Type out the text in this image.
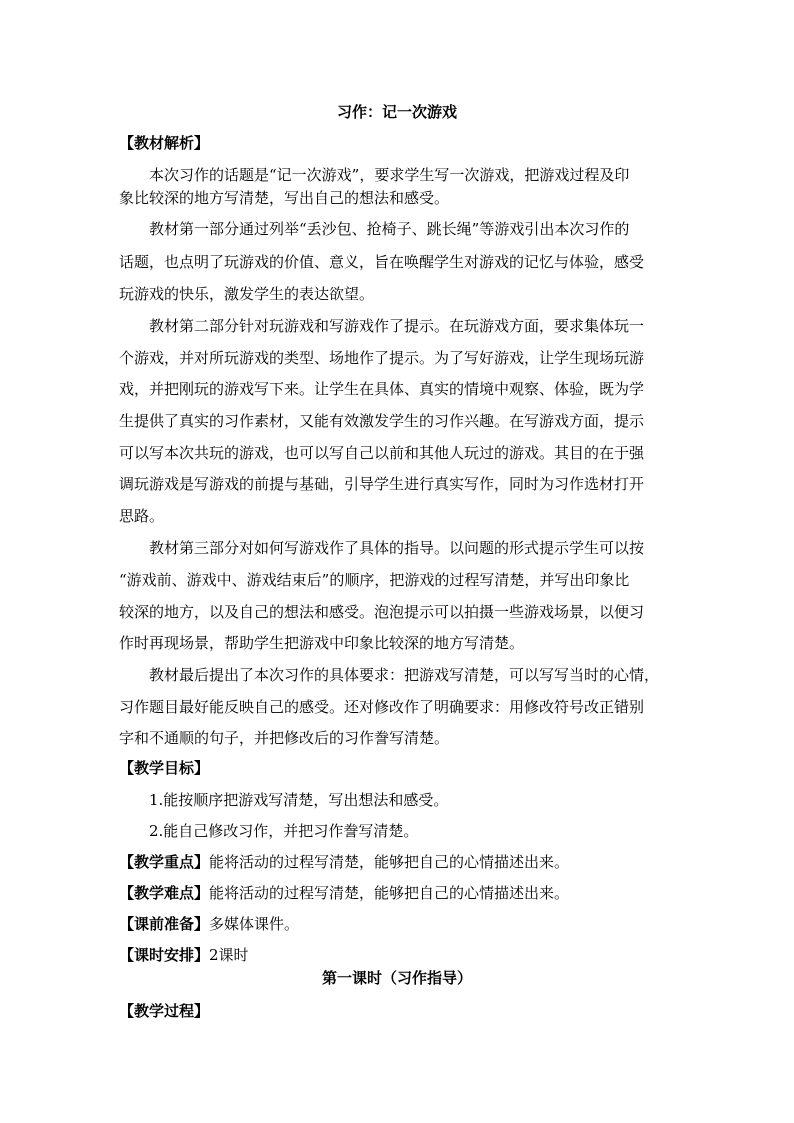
习作：记一次游戏
【教材解析】
本次习作的话题是“记一次游戏”，要求学生写一次游戏，把游戏过程及印
象比较深的地方写清楚，写出自己的想法和感受。
教材第一部分通过列举“丢沙包、抢椅子、跳长绳”等游戏引出本次习作的
话题，也点明了玩游戏的价值、意义，旨在唤醒学生对游戏的记忆与体验，感受
玩游戏的快乐，激发学生的表达欲望。
教材第二部分针对玩游戏和写游戏作了提示。在玩游戏方面，要求集体玩一
个游戏，并对所玩游戏的类型、场地作了提示。为了写好游戏，让学生现场玩游
戏，并把刚玩的游戏写下来。让学生在具体、真实的情境中观察、体验，既为学
生提供了真实的习作素材，又能有效激发学生的习作兴趣。在写游戏方面，提示
可以写本次共玩的游戏，也可以写自己以前和其他人玩过的游戏。其目的在于强
调玩游戏是写游戏的前提与基础，引导学生进行真实写作，同时为习作选材打开
思路。
教材第三部分对如何写游戏作了具体的指导。以问题的形式提示学生可以按
“游戏前、游戏中、游戏结束后”的顺序，把游戏的过程写清楚，并写出印象比
较深的地方，以及自己的想法和感受。泡泡提示可以拍摄一些游戏场景，以便习
作时再现场景，帮助学生把游戏中印象比较深的地方写清楚。
教材最后提出了本次习作的具体要求：把游戏写清楚，可以写写当时的心情，
习作题目最好能反映自己的感受。还对修改作了明确要求：用修改符号改正错别
字和不通顺的句子，并把修改后的习作誊写清楚。
【教学目标】
1.能按顺序把游戏写清楚，写出想法和感受。
2.能自己修改习作，并把习作誊写清楚。
【教学重点】能将活动的过程写清楚，能够把自己的心情描述出来。
【教学难点】能将活动的过程写清楚，能够把自己的心情描述出来。
【课前准备】多媒体课件。
【课时安排】2课时
第一课时（习作指导）
【教学过程】
